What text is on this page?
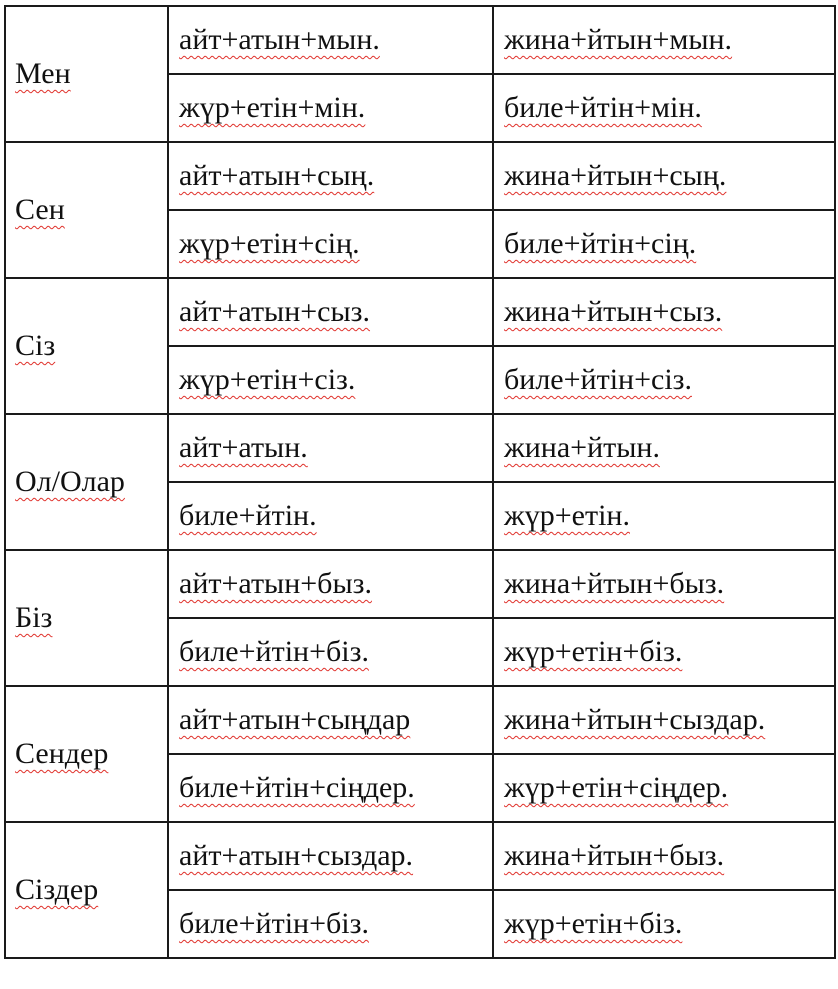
Мен	айт+атын+мын.	жина+йтын+мын.
	жүр+етін+мін.	биле+йтін+мін.
Сен	айт+атын+сың.	жина+йтын+сың.
	жүр+етін+сің.	биле+йтін+сің.
Сіз	айт+атын+сыз.	жина+йтын+сыз.
	жүр+етін+сіз.	биле+йтін+сіз.
Ол/Олар	айт+атын.	жина+йтын.
	биле+йтін.	жүр+етін.
Біз	айт+атын+быз.	жина+йтын+быз.
	биле+йтін+біз.	жүр+етін+біз.
Сендер	айт+атын+сыңдар	жина+йтын+сыздар.
	биле+йтін+сіңдер.	жүр+етін+сіңдер.
Сіздер	айт+атын+сыздар.	жина+йтын+быз.
	биле+йтін+біз.	жүр+етін+біз.
